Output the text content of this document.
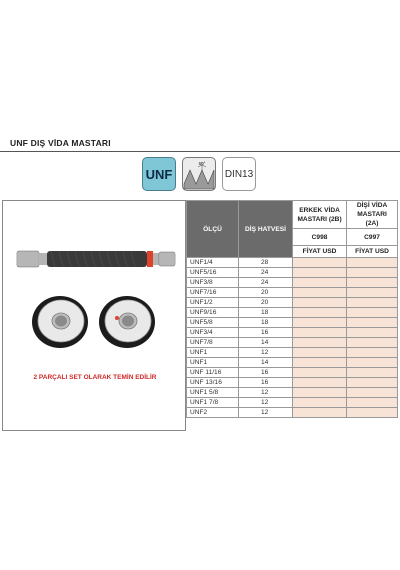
UNF DIŞ VİDA MASTARI
UNF
60°
DIN13
2 PARÇALI SET OLARAK TEMİN EDİLİR
ÖLÇÜ	DİŞ HATVESİ	ERKEK VİDA MASTARI (2B)	DİŞİ VİDA MASTARI (2A)
		C998	C997
		FİYAT USD	FİYAT USD
UNF1/4	28		
UNF5/16	24		
UNF3/8	24		
UNF7/16	20		
UNF1/2	20		
UNF9/16	18		
UNF5/8	18		
UNF3/4	16		
UNF7/8	14		
UNF1	12		
UNF1	14		
UNF 11/16	16		
UNF 13/16	16		
UNF1 5/8	12		
UNF1 7/8	12		
UNF2	12		
